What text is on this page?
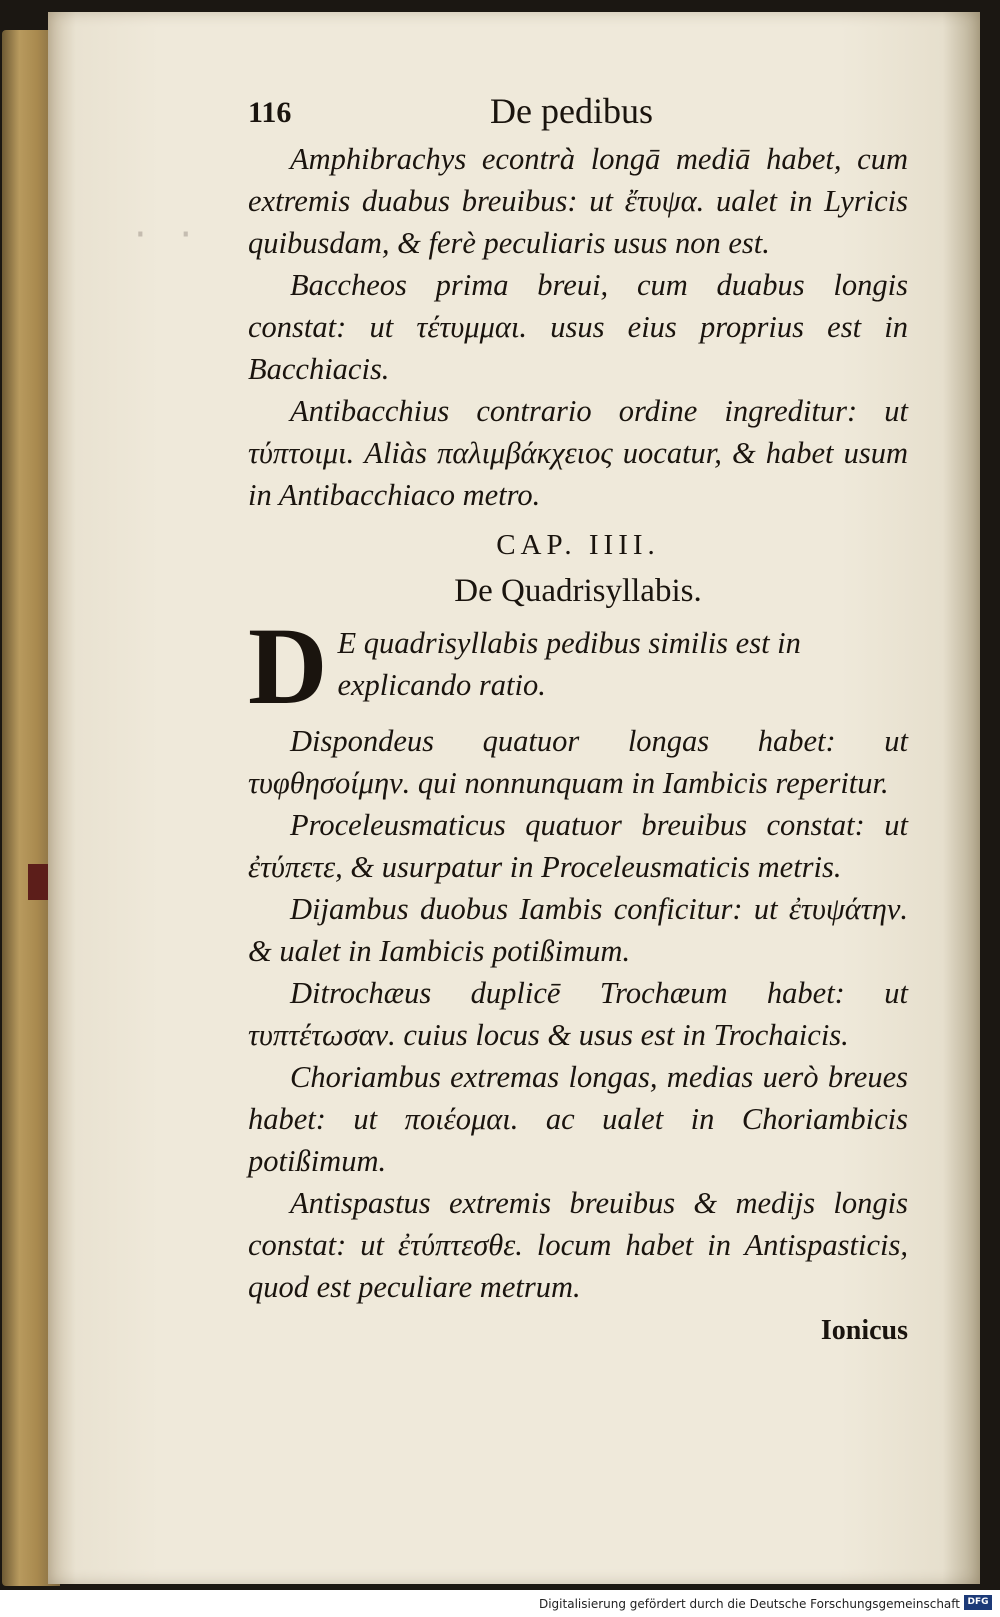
· ·
116	De pedibus

Amphibrachys econtrà longā mediā habet, cum extremis duabus breuibus: ut ἔτυψα. ualet in Lyricis quibusdam, & ferè peculiaris usus non est.

Baccheos prima breui, cum duabus longis constat: ut τέτυμμαι. usus eius proprius est in Bacchiacis.

Antibacchius contrario ordine ingreditur: ut τύπτοιμι. Aliàs παλιμβάκχειος uocatur, & habet usum in Antibacchiaco metro.

CAP. IIII.
De Quadrisyllabis.
D E quadrisyllabis pedibus similis est in explicando ratio.

Dispondeus quatuor longas habet: ut τυφθησοίμην. qui nonnunquam in Iambicis reperitur.

Proceleusmaticus quatuor breuibus constat: ut ἐτύπετε, & usurpatur in Proceleusmaticis metris.

Dijambus duobus Iambis conficitur: ut ἐτυψάτην. & ualet in Iambicis potißimum.

Ditrochæus duplicē Trochæum habet: ut τυπτέτωσαν. cuius locus & usus est in Trochaicis.

Choriambus extremas longas, medias uerò breues habet: ut ποιέομαι. ac ualet in Choriambicis potißimum.

Antispastus extremis breuibus & medijs longis constat: ut ἐτύπτεσθε. locum habet in Antispasticis, quod est peculiare metrum.

Ionicus
Digitalisierung gefördert durch die Deutsche Forschungsgemeinschaft DFG
